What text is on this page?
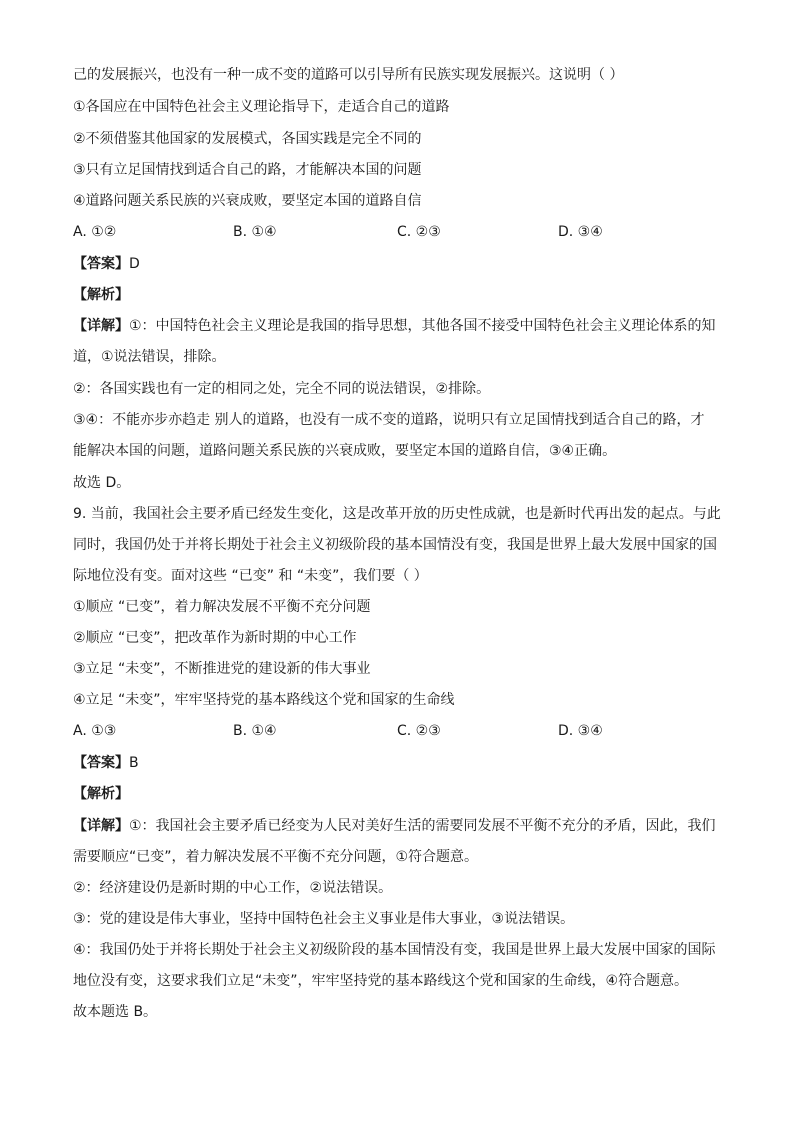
己的发展振兴，也没有一种一成不变的道路可以引导所有民族实现发展振兴。这说明（ ）
①各国应在中国特色社会主义理论指导下，走适合自己的道路
②不须借鉴其他国家的发展模式，各国实践是完全不同的
③只有立足国情找到适合自己的路，才能解决本国的问题
④道路问题关系民族的兴衰成败，要坚定本国的道路自信
A. ①②	B. ①④	C. ②③	D. ③④
【答案】D
【解析】
【详解】①：中国特色社会主义理论是我国的指导思想，其他各国不接受中国特色社会主义理论体系的知
道，①说法错误，排除。
②：各国实践也有一定的相同之处，完全不同的说法错误，②排除。
③④：不能亦步亦趋走 别人的道路，也没有一成不变的道路，说明只有立足国情找到适合自己的路，才
能解决本国的问题，道路问题关系民族的兴衰成败，要坚定本国的道路自信，③④正确。
故选 D。
9. 当前，我国社会主要矛盾已经发生变化，这是改革开放的历史性成就，也是新时代再出发的起点。与此
同时，我国仍处于并将长期处于社会主义初级阶段的基本国情没有变，我国是世界上最大发展中国家的国
际地位没有变。面对这些 “已变” 和 “未变”，我们要（ ）
①顺应 “已变”，着力解决发展不平衡不充分问题
②顺应 “已变”，把改革作为新时期的中心工作
③立足 “未变”，不断推进党的建设新的伟大事业
④立足 “未变”，牢牢坚持党的基本路线这个党和国家的生命线
A. ①③	B. ①④	C. ②③	D. ③④
【答案】B
【解析】
【详解】①：我国社会主要矛盾已经变为人民对美好生活的需要同发展不平衡不充分的矛盾，因此，我们
需要顺应“已变”，着力解决发展不平衡不充分问题，①符合题意。
②：经济建设仍是新时期的中心工作，②说法错误。
③：党的建设是伟大事业，坚持中国特色社会主义事业是伟大事业，③说法错误。
④：我国仍处于并将长期处于社会主义初级阶段的基本国情没有变，我国是世界上最大发展中国家的国际
地位没有变，这要求我们立足“未变”，牢牢坚持党的基本路线这个党和国家的生命线，④符合题意。
故本题选 B。
